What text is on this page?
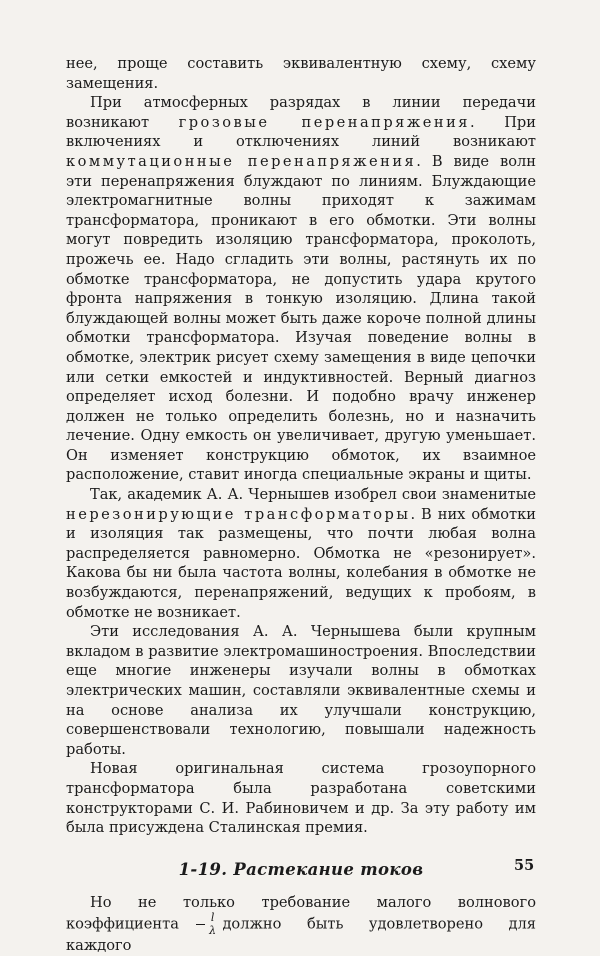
нее, проще составить эквивалентную схему, схему замещения.

При атмосферных разрядах в линии передачи возникают грозовые перенапряжения. При включениях и отключениях линий возникают коммутационные перенапряжения. В виде волн эти перенапряжения блуждают по линиям. Блуждающие электромагнитные волны приходят к зажимам трансформатора, проникают в его обмотки. Эти волны могут повредить изоляцию трансформатора, проколоть, прожечь ее. Надо сгладить эти волны, растянуть их по обмотке трансформатора, не допустить удара крутого фронта напряжения в тонкую изоляцию. Длина такой блуждающей волны может быть даже короче полной длины обмотки трансформатора. Изучая поведение волны в обмотке, электрик рисует схему замещения в виде цепочки или сетки емкостей и индуктивностей. Верный диагноз определяет исход болезни. И подобно врачу инженер должен не только определить болезнь, но и назначить лечение. Одну емкость он увеличивает, другую уменьшает. Он изменяет конструкцию обмоток, их взаимное расположение, ставит иногда специальные экраны и щиты.

Так, академик А. А. Чернышев изобрел свои знаменитые нерезонирующие трансформаторы. В них обмотки и изоляция так размещены, что почти любая волна распределяется равномерно. Обмотка не «резонирует». Какова бы ни была частота волны, колебания в обмотке не возбуждаются, перенапряжений, ведущих к пробоям, в обмотке не возникает.

Эти исследования А. А. Чернышева были крупным вкладом в развитие электромашиностроения. Впоследствии еще многие инженеры изучали волны в обмотках электрических машин, составляли эквивалентные схемы и на основе анализа их улучшали конструкцию, совершенствовали технологию, повышали надежность работы.

Новая оригинальная система грозоупорного трансформатора была разработана советскими конструкторами С. И. Рабиновичем и др. За эту работу им была присуждена Сталинская премия.

1-19. Растекание токов

Но не только требование малого волнового коэффициента $\frac{l}{\lambda}$ должно быть удовлетворено для каждого

55
